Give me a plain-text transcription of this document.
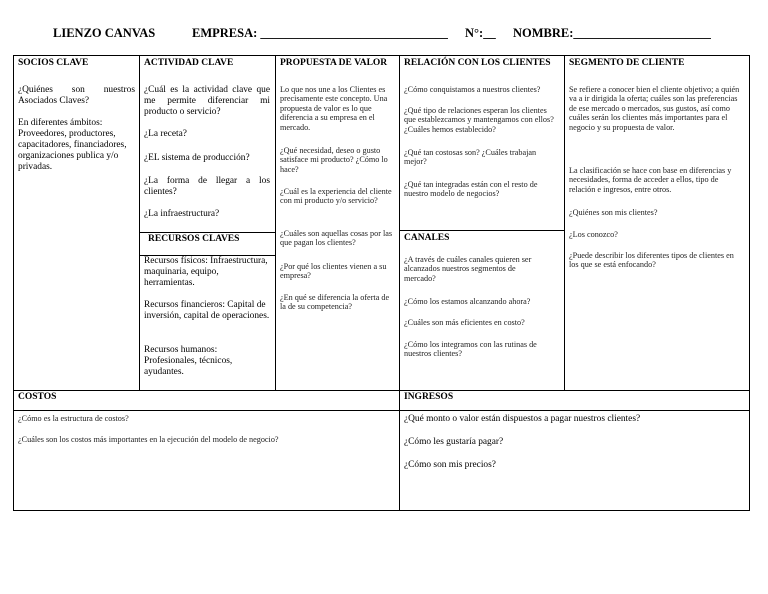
LIENZO CANVAS	EMPRESA: ______________________________ N°:__ NOMBRE:______________________
SOCIOS CLAVE
¿Quiénes son nuestros Asociados Claves?
En diferentes ámbitos: Proveedores, productores, capacitadores, financiadores, organizaciones publica y/o privadas.
ACTIVIDAD CLAVE
¿Cuál es la actividad clave que me permite diferenciar mi producto o servicio?
¿La receta?
¿EL sistema de producción?
¿La forma de llegar a los clientes?
¿La infraestructura?
RECURSOS CLAVES
Recursos físicos: Infraestructura, maquinaria, equipo, herramientas.
Recursos financieros: Capital de inversión, capital de operaciones.
Recursos humanos: Profesionales, técnicos, ayudantes.
PROPUESTA DE VALOR
Lo que nos une a los Clientes es precisamente este concepto. Una propuesta de valor es lo que diferencia a su empresa en el mercado.
¿Qué necesidad, deseo o gusto satisface mi producto? ¿Cómo lo hace?
¿Cuál es la experiencia del cliente con mi producto y/o servicio?
¿Cuáles son aquellas cosas por las que pagan los clientes?
¿Por qué los clientes vienen a su empresa?
¿En qué se diferencia la oferta de la de su competencia?
RELACIÓN CON LOS CLIENTES
¿Cómo conquistamos a nuestros clientes?
¿Qué tipo de relaciones esperan los clientes que establezcamos y mantengamos con ellos? ¿Cuáles hemos establecido?
¿Qué tan costosas son? ¿Cuáles trabajan mejor?
¿Qué tan integradas están con el resto de nuestro modelo de negocios?
CANALES
¿A través de cuáles canales quieren ser alcanzados nuestros segmentos de mercado?
¿Cómo los estamos alcanzando ahora?
¿Cuáles son más eficientes en costo?
¿Cómo los integramos con las rutinas de nuestros clientes?
SEGMENTO DE CLIENTE
Se refiere a conocer bien el cliente objetivo; a quién va a ir dirigida la oferta; cuáles son las preferencias de ese mercado o mercados, sus gustos, así como cuáles serán los clientes más importantes para el negocio y su propuesta de valor.
La clasificación se hace con base en diferencias y necesidades, forma de acceder a ellos, tipo de relación e ingresos, entre otros.
¿Quiénes son mis clientes?
¿Los conozco?
¿Puede describir los diferentes tipos de clientes en los que se está enfocando?
COSTOS
¿Cómo es la estructura de costos?
¿Cuáles son los costos más importantes en la ejecución del modelo de negocio?
INGRESOS
¿Qué monto o valor están dispuestos a pagar nuestros clientes?
¿Cómo les gustaría pagar?
¿Cómo son mis precios?
